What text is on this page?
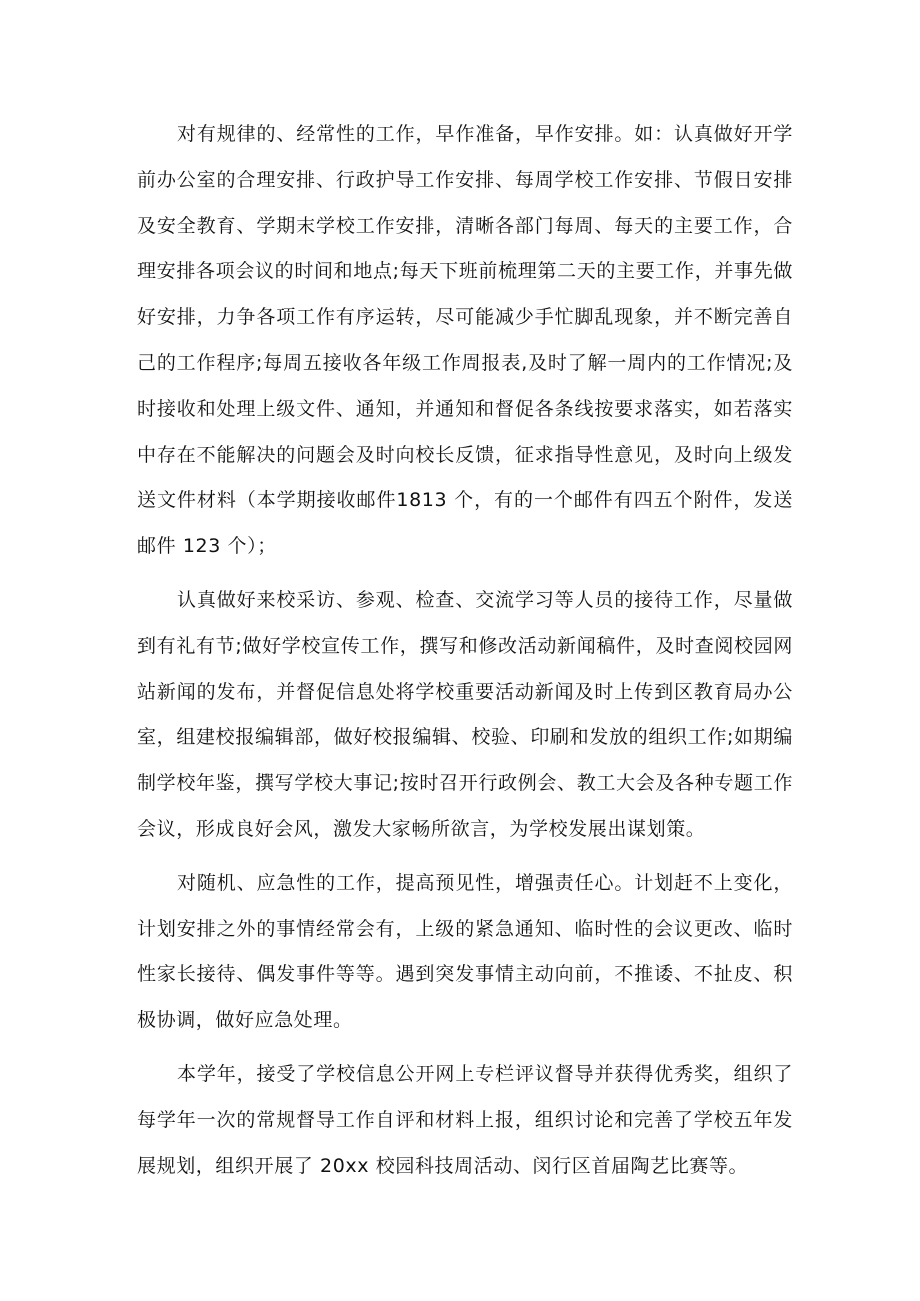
对有规律的、经常性的工作，早作准备，早作安排。如：认真做好开学前办公室的合理安排、行政护导工作安排、每周学校工作安排、节假日安排及安全教育、学期末学校工作安排，清晰各部门每周、每天的主要工作，合理安排各项会议的时间和地点;每天下班前梳理第二天的主要工作，并事先做好安排，力争各项工作有序运转，尽可能减少手忙脚乱现象，并不断完善自己的工作程序;每周五接收各年级工作周报表,及时了解一周内的工作情况;及时接收和处理上级文件、通知，并通知和督促各条线按要求落实，如若落实中存在不能解决的问题会及时向校长反馈，征求指导性意见，及时向上级发送文件材料（本学期接收邮件1813 个，有的一个邮件有四五个附件，发送邮件 123 个）；

认真做好来校采访、参观、检查、交流学习等人员的接待工作，尽量做到有礼有节;做好学校宣传工作，撰写和修改活动新闻稿件，及时查阅校园网站新闻的发布，并督促信息处将学校重要活动新闻及时上传到区教育局办公室，组建校报编辑部，做好校报编辑、校验、印刷和发放的组织工作;如期编制学校年鉴，撰写学校大事记;按时召开行政例会、教工大会及各种专题工作会议，形成良好会风，激发大家畅所欲言，为学校发展出谋划策。

对随机、应急性的工作，提高预见性，增强责任心。计划赶不上变化，计划安排之外的事情经常会有，上级的紧急通知、临时性的会议更改、临时性家长接待、偶发事件等等。遇到突发事情主动向前，不推诿、不扯皮、积极协调，做好应急处理。

本学年，接受了学校信息公开网上专栏评议督导并获得优秀奖，组织了每学年一次的常规督导工作自评和材料上报，组织讨论和完善了学校五年发展规划，组织开展了 20xx 校园科技周活动、闵行区首届陶艺比赛等。
